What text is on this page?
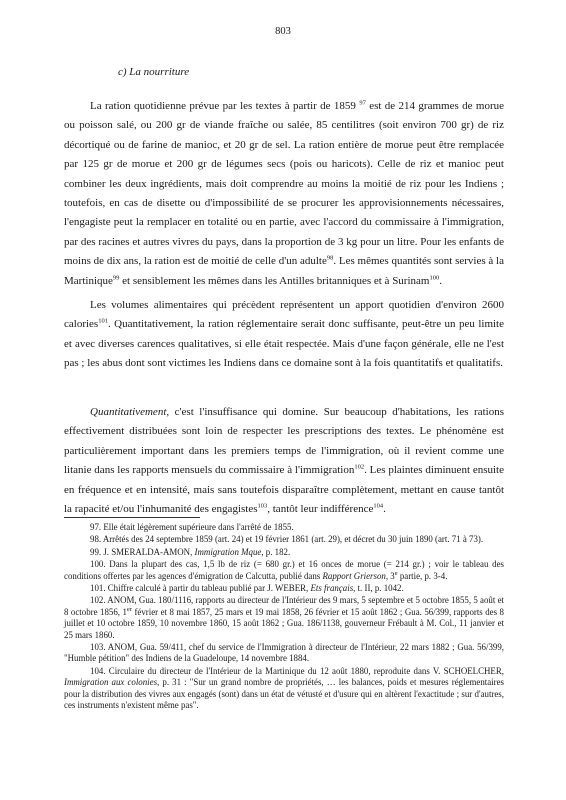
803
c) La nourriture

La ration quotidienne prévue par les textes à partir de 1859 $^{97}$ est de 214 grammes de morue ou poisson salé, ou 200 gr de viande fraîche ou salée, 85 centilitres (soit environ 700 gr) de riz décortiqué ou de farine de manioc, et 20 gr de sel. La ration entière de morue peut être remplacée par 125 gr de morue et 200 gr de légumes secs (pois ou haricots). Celle de riz et manioc peut combiner les deux ingrédients, mais doit comprendre au moins la moitié de riz pour les Indiens ; toutefois, en cas de disette ou d'impossibilité de se procurer les approvisionnements nécessaires, l'engagiste peut la remplacer en totalité ou en partie, avec l'accord du commissaire à l'immigration, par des racines et autres vivres du pays, dans la proportion de 3 kg pour un litre. Pour les enfants de moins de dix ans, la ration est de moitié de celle d'un adulte$^{98}$. Les mêmes quantités sont servies à la Martinique$^{99}$ et sensiblement les mêmes dans les Antilles britanniques et à Surinam$^{100}$.

Les volumes alimentaires qui précèdent représentent un apport quotidien d'environ 2600 calories$^{101}$. Quantitativement, la ration réglementaire serait donc suffisante, peut-être un peu limite et avec diverses carences qualitatives, si elle était respectée. Mais d'une façon générale, elle ne l'est pas ; les abus dont sont victimes les Indiens dans ce domaine sont à la fois quantitatifs et qualitatifs.

Quantitativement, c'est l'insuffisance qui domine. Sur beaucoup d'habitations, les rations effectivement distribuées sont loin de respecter les prescriptions des textes. Le phénomène est particulièrement important dans les premiers temps de l'immigration, où il revient comme une litanie dans les rapports mensuels du commissaire à l'immigration$^{102}$. Les plaintes diminuent ensuite en fréquence et en intensité, mais sans toutefois disparaître complètement, mettant en cause tantôt la rapacité et/ou l'inhumanité des engagistes$^{103}$, tantôt leur indifférence$^{104}$.

97. Elle était légèrement supérieure dans l'arrêté de 1855.

98. Arrêtés des 24 septembre 1859 (art. 24) et 19 février 1861 (art. 29), et décret du 30 juin 1890 (art. 71 à 73).

99. J. SMERALDA-AMON, Immigration Mque, p. 182.

100. Dans la plupart des cas, 1,5 lb de riz (= 680 gr.) et 16 onces de morue (= 214 gr.) ; voir le tableau des conditions offertes par les agences d'émigration de Calcutta, publié dans Rapport Grierson, 3e partie, p. 3-4.

101. Chiffre calculé à partir du tableau publié par J. WEBER, Ets français, t. II, p. 1042.

102. ANOM, Gua. 180/1116, rapports au directeur de l'Intérieur des 9 mars, 5 septembre et 5 octobre 1855, 5 août et 8 octobre 1856, 1er février et 8 mai 1857, 25 mars et 19 mai 1858, 26 février et 15 août 1862 ; Gua. 56/399, rapports des 8 juillet et 10 octobre 1859, 10 novembre 1860, 15 août 1862 ; Gua. 186/1138, gouverneur Frébault à M. Col., 11 janvier et 25 mars 1860.

103. ANOM, Gua. 59/411, chef du service de l'Immigration à directeur de l'Intérieur, 22 mars 1882 ; Gua. 56/399, "Humble pétition" des Indiens de la Guadeloupe, 14 novembre 1884.

104. Circulaire du directeur de l'Intérieur de la Martinique du 12 août 1880, reproduite dans V. SCHOELCHER, Immigration aux colonies, p. 31 : "Sur un grand nombre de propriétés, … les balances, poids et mesures réglementaires pour la distribution des vivres aux engagés (sont) dans un état de vétusté et d'usure qui en altèrent l'exactitude ; sur d'autres, ces instruments n'existent même pas".
